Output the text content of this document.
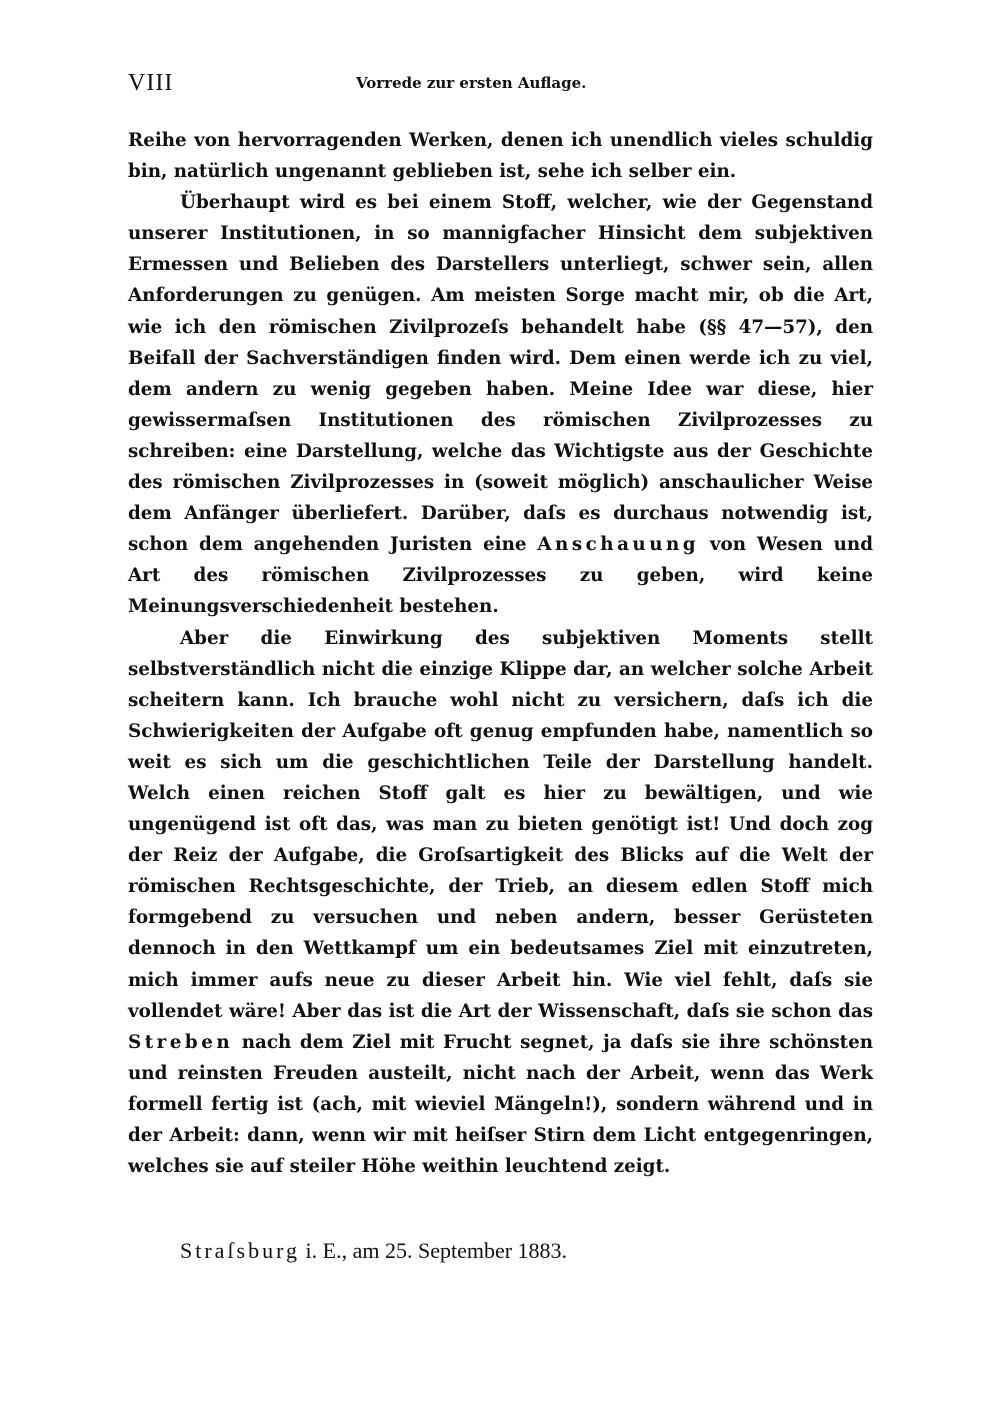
VIII	Vorrede zur ersten Auflage.

Reihe von hervorragenden Werken, denen ich unendlich vieles schuldig bin, natürlich ungenannt geblieben ist, sehe ich selber ein.

Überhaupt wird es bei einem Stoff, welcher, wie der Gegenstand unserer Institutionen, in so mannigfacher Hinsicht dem subjektiven Ermessen und Belieben des Darstellers unterliegt, schwer sein, allen Anforderungen zu genügen. Am meisten Sorge macht mir, ob die Art, wie ich den römischen Zivilprozeſs behandelt habe (§§ 47—57), den Beifall der Sachverständigen finden wird. Dem einen werde ich zu viel, dem andern zu wenig gegeben haben. Meine Idee war diese, hier gewissermaſsen Institutionen des römischen Zivilprozesses zu schreiben: eine Darstellung, welche das Wichtigste aus der Geschichte des römischen Zivilprozesses in (soweit möglich) anschaulicher Weise dem Anfänger überliefert. Darüber, daſs es durchaus notwendig ist, schon dem angehenden Juristen eine Anschauung von Wesen und Art des römischen Zivilprozesses zu geben, wird keine Meinungsverschiedenheit bestehen.

Aber die Einwirkung des subjektiven Moments stellt selbstverständlich nicht die einzige Klippe dar, an welcher solche Arbeit scheitern kann. Ich brauche wohl nicht zu versichern, daſs ich die Schwierigkeiten der Aufgabe oft genug empfunden habe, namentlich so weit es sich um die geschichtlichen Teile der Darstellung handelt. Welch einen reichen Stoff galt es hier zu bewältigen, und wie ungenügend ist oft das, was man zu bieten genötigt ist! Und doch zog der Reiz der Aufgabe, die Groſsartigkeit des Blicks auf die Welt der römischen Rechtsgeschichte, der Trieb, an diesem edlen Stoff mich formgebend zu versuchen und neben andern, besser Gerüsteten dennoch in den Wettkampf um ein bedeutsames Ziel mit einzutreten, mich immer aufs neue zu dieser Arbeit hin. Wie viel fehlt, daſs sie vollendet wäre! Aber das ist die Art der Wissenschaft, daſs sie schon das Streben nach dem Ziel mit Frucht segnet, ja daſs sie ihre schönsten und reinsten Freuden austeilt, nicht nach der Arbeit, wenn das Werk formell fertig ist (ach, mit wieviel Mängeln!), sondern während und in der Arbeit: dann, wenn wir mit heiſser Stirn dem Licht entgegenringen, welches sie auf steiler Höhe weithin leuchtend zeigt.

Straſsburg i. E., am 25. September 1883.
